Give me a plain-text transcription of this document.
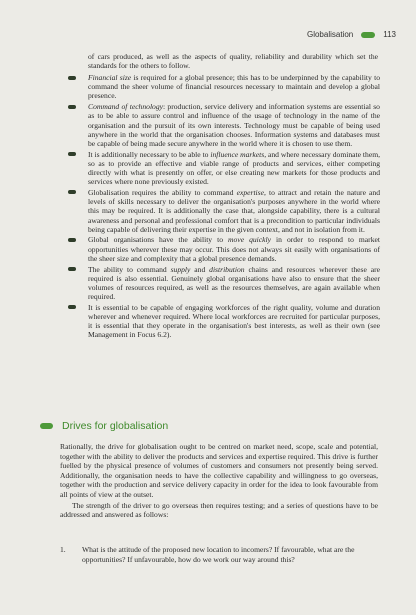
Globalisation	113
of cars produced, as well as the aspects of quality, reliability and durability which set the standards for the others to follow.
Financial size is required for a global presence; this has to be underpinned by the capability to command the sheer volume of financial resources necessary to maintain and develop a global presence.
Command of technology: production, service delivery and information systems are essential so as to be able to assure control and influence of the usage of technology in the name of the organisation and the pursuit of its own interests. Technology must be capable of being used anywhere in the world that the organisation chooses. Information systems and databases must be capable of being made secure anywhere in the world where it is chosen to use them.
It is additionally necessary to be able to influence markets, and where necessary dominate them, so as to provide an effective and viable range of products and services, either competing directly with what is presently on offer, or else creating new markets for those products and services where none previously existed.
Globalisation requires the ability to command expertise, to attract and retain the nature and levels of skills necessary to deliver the organisation's purposes anywhere in the world where this may be required. It is additionally the case that, alongside capability, there is a cultural awareness and personal and professional comfort that is a precondition to particular individuals being capable of delivering their expertise in the given context, and not in isolation from it.
Global organisations have the ability to move quickly in order to respond to market opportunities wherever these may occur. This does not always sit easily with organisations of the sheer size and complexity that a global presence demands.
The ability to command supply and distribution chains and resources wherever these are required is also essential. Genuinely global organisations have also to ensure that the sheer volumes of resources required, as well as the resources themselves, are again available when required.
It is essential to be capable of engaging workforces of the right quality, volume and duration wherever and whenever required. Where local workforces are recruited for particular purposes, it is essential that they operate in the organisation's best interests, as well as their own (see Management in Focus 6.2).
Drives for globalisation

Rationally, the drive for globalisation ought to be centred on market need, scope, scale and potential, together with the ability to deliver the products and services and expertise required. This drive is further fuelled by the physical presence of volumes of customers and consumers not presently being served. Additionally, the organisation needs to have the collective capability and willingness to go overseas, together with the production and service delivery capacity in order for the idea to look favourable from all points of view at the outset.

The strength of the driver to go overseas then requires testing; and a series of questions have to be addressed and answered as follows:

1.	What is the attitude of the proposed new location to incomers? If favourable, what are the opportunities? If unfavourable, how do we work our way around this?
